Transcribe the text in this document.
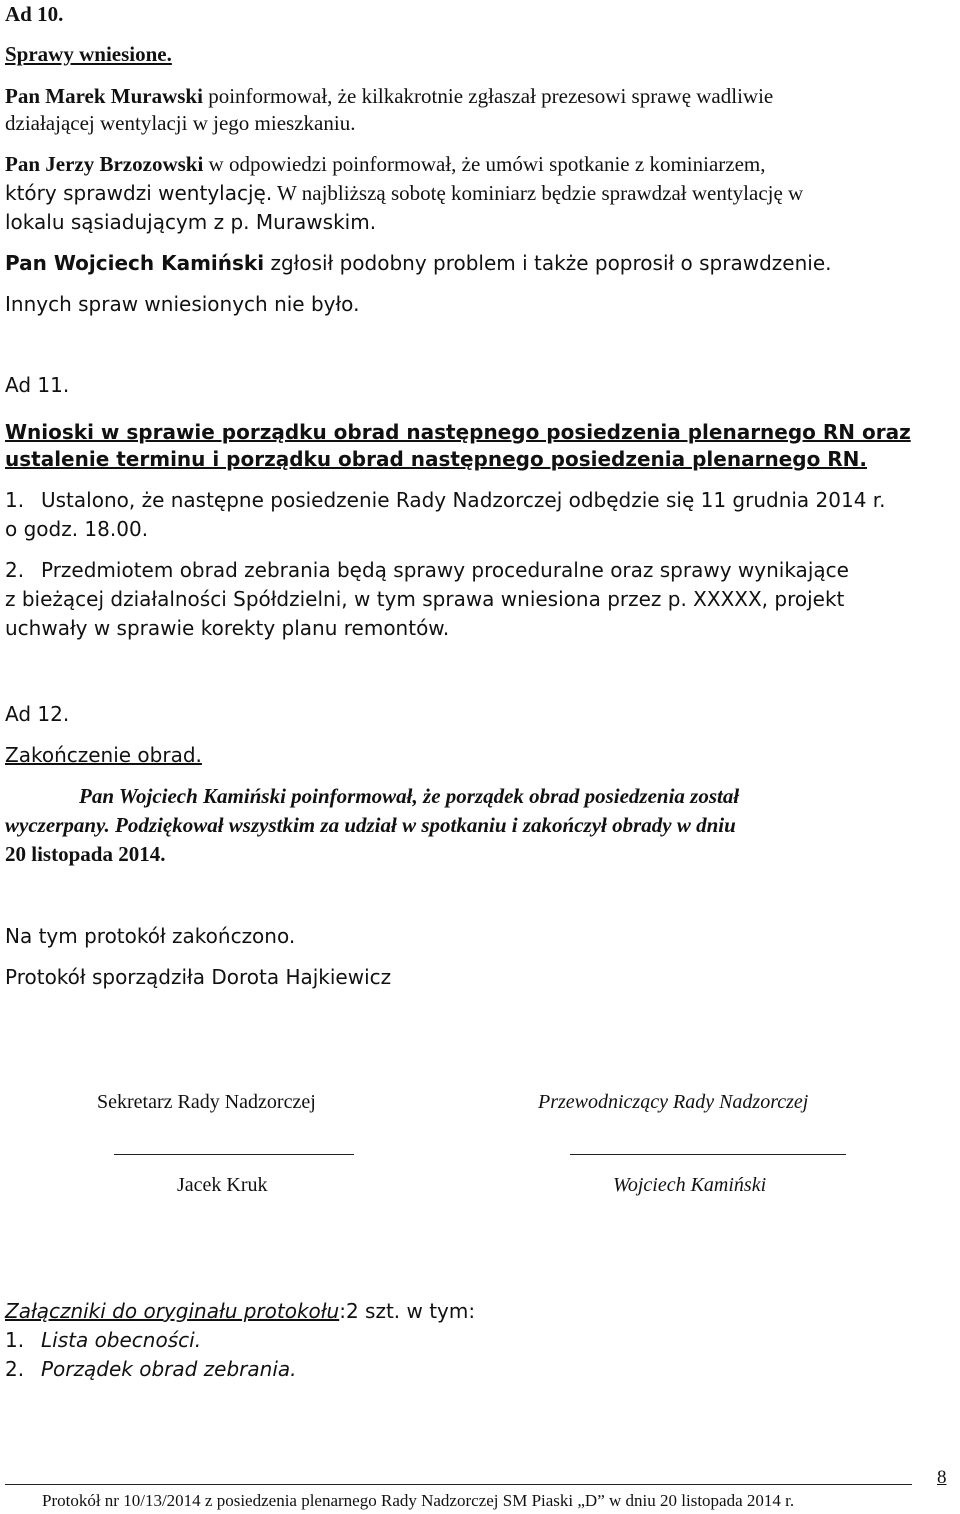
Ad 10.
Sprawy wniesione.
Pan Marek Murawski poinformował, że kilkakrotnie zgłaszał prezesowi sprawę wadliwie
działającej wentylacji w jego mieszkaniu.
Pan Jerzy Brzozowski w odpowiedzi poinformował, że umówi spotkanie z kominiarzem,
który sprawdzi wentylację. W najbliższą sobotę kominiarz będzie sprawdzał wentylację w
lokalu sąsiadującym z p. Murawskim.
Pan Wojciech Kamiński zgłosił podobny problem i także poprosił o sprawdzenie.
Innych spraw wniesionych nie było.
Ad 11.
Wnioski w sprawie porządku obrad następnego posiedzenia plenarnego RN oraz
ustalenie terminu i porządku obrad następnego posiedzenia plenarnego RN.
1. Ustalono, że następne posiedzenie Rady Nadzorczej odbędzie się 11 grudnia 2014 r.
o godz. 18.00.
2. Przedmiotem obrad zebrania będą sprawy proceduralne oraz sprawy wynikające
z bieżącej działalności Spółdzielni, w tym sprawa wniesiona przez p. XXXXX, projekt
uchwały w sprawie korekty planu remontów.
Ad 12.
Zakończenie obrad.
Pan Wojciech Kamiński poinformował, że porządek obrad posiedzenia został
wyczerpany. Podziękował wszystkim za udział w spotkaniu i zakończył obrady w dniu
20 listopada 2014.
Na tym protokół zakończono.
Protokół sporządziła Dorota Hajkiewicz
Sekretarz Rady Nadzorczej
Jacek Kruk
Przewodniczący Rady Nadzorczej
Wojciech Kamiński
Załączniki do oryginału protokołu:2 szt. w tym:
1. Lista obecności.
2. Porządek obrad zebrania.
Protokół nr 10/13/2014 z posiedzenia plenarnego Rady Nadzorczej SM Piaski „D” w dniu 20 listopada 2014 r.
8
